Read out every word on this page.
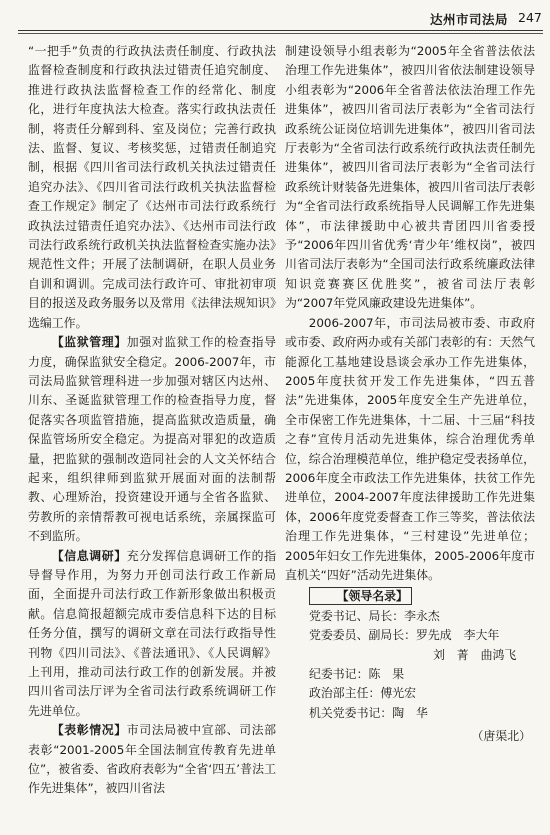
达州市司法局 247

“一把手”负责的行政执法责任制度、行政执法监督检查制度和行政执法过错责任追究制度、推进行政执法监督检查工作的经常化、制度化，进行年度执法大检查。落实行政执法责任制，将责任分解到科、室及岗位；完善行政执法、监督、复议、考核奖惩，过错责任制追究制，根据《四川省司法行政机关执法过错责任追究办法》、《四川省司法行政机关执法监督检查工作规定》制定了《达州市司法行政系统行政执法过错责任追究办法》、《达州市司法行政司法行政系统行政机关执法监督检查实施办法》规范性文件；开展了法制调研，在职人员业务自训和调训。完成司法行政许可、审批初审项目的报送及政务服务以及常用《法律法规知识》选编工作。

【监狱管理】加强对监狱工作的检查指导力度，确保监狱安全稳定。2006-2007年，市司法局监狱管理科进一步加强对辖区内达州、川东、圣诞监狱管理工作的检查指导力度，督促落实各项监管措施，提高监狱改造质量，确保监管场所安全稳定。为提高对罪犯的改造质量，把监狱的强制改造同社会的人文关怀结合起来，组织律师到监狱开展面对面的法制帮教、心理矫治，投资建设开通与全省各监狱、劳教所的亲情帮教可视电话系统，亲属探监可不到监所。

【信息调研】充分发挥信息调研工作的指导督导作用，为努力开创司法行政工作新局面，全面提升司法行政工作新形象做出积极贡献。信息简报超额完成市委信息科下达的目标任务分值，撰写的调研文章在司法行政指导性刊物《四川司法》、《普法通讯》、《人民调解》上刊用，推动司法行政工作的创新发展。并被四川省司法厅评为全省司法行政系统调研工作先进单位。

【表彰情况】市司法局被中宣部、司法部表彰“2001-2005年全国法制宣传教育先进单位”，被省委、省政府表彰为“全省‘四五’普法工作先进集体”，被四川省法

制建设领导小组表彰为“2005年全省普法依法治理工作先进集体”，被四川省依法制建设领导小组表彰为“2006年全省普法依法治理工作先进集体”，被四川省司法厅表彰为“全省司法行政系统公证岗位培训先进集体”，被四川省司法厅表彰为“全省司法行政系统行政执法责任制先进集体”，被四川省司法厅表彰为“全省司法行政系统计财装备先进集体，被四川省司法厅表彰为“全省司法行政系统指导人民调解工作先进集体”，市法律援助中心被共青团四川省委授予“2006年四川省优秀‘青少年’维权岗”，被四川省司法厅表彰为“全国司法行政系统廉政法律知识竞赛赛区优胜奖”，被省司法厅表彰为“2007年党风廉政建设先进集体”。

2006-2007年，市司法局被市委、市政府或市委、政府两办或有关部门表彰的有：天然气能源化工基地建设恳谈会承办工作先进集体，2005年度扶贫开发工作先进集体，“四五普法”先进集体，2005年度安全生产先进单位，全市保密工作先进集体，十二届、十三届“科技之春”宣传月活动先进集体，综合治理优秀单位，综合治理模范单位，维护稳定受表扬单位，2006年度全市政法工作先进集体，扶贫工作先进单位，2004-2007年度法律援助工作先进集体，2006年度党委督查工作三等奖，普法依法治理工作先进集体，“三村建设”先进单位；2005年妇女工作先进集体，2005-2006年度市直机关“四好”活动先进集体。

【领导名录】

党委书记、局长：李永杰
党委委员、副局长：罗先成　李大年
刘　菁　曲鸿飞
纪委书记：陈　果
政治部主任：傅光宏
机关党委书记：陶　华
（唐渠北）
